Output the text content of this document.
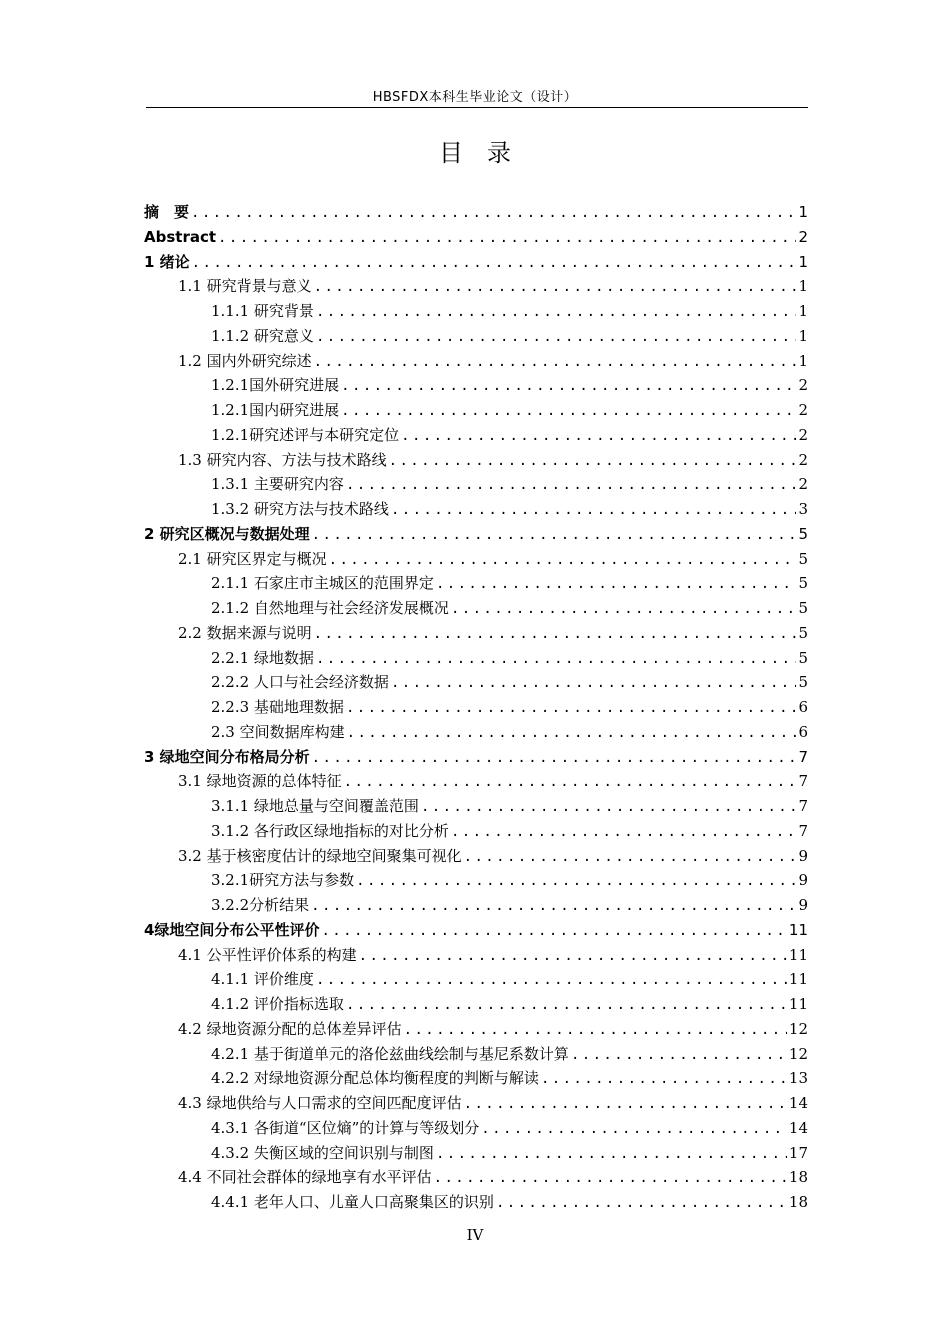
HBSFDX本科生毕业论文（设计）
目录
摘　要 .....	1
Abstract .....	2
1 绪论 .....	1
1.1 研究背景与意义 .....	1
1.1.1 研究背景 .....	1
1.1.2 研究意义 .....	1
1.2 国内外研究综述 .....	1
1.2.1国外研究进展 .....	2
1.2.1国内研究进展 .....	2
1.2.1研究述评与本研究定位 .....	2
1.3 研究内容、方法与技术路线 .....	2
1.3.1 主要研究内容 .....	2
1.3.2 研究方法与技术路线 .....	3
2 研究区概况与数据处理 .....	5
2.1 研究区界定与概况 .....	5
2.1.1 石家庄市主城区的范围界定 .....	5
2.1.2 自然地理与社会经济发展概况 .....	5
2.2 数据来源与说明 .....	5
2.2.1 绿地数据 .....	5
2.2.2 人口与社会经济数据 .....	5
2.2.3 基础地理数据 .....	6
2.3 空间数据库构建 .....	6
3 绿地空间分布格局分析 .....	7
3.1 绿地资源的总体特征 .....	7
3.1.1 绿地总量与空间覆盖范围 .....	7
3.1.2 各行政区绿地指标的对比分析 .....	7
3.2 基于核密度估计的绿地空间聚集可视化 .....	9
3.2.1研究方法与参数 .....	9
3.2.2分析结果 .....	9
4绿地空间分布公平性评价 .....	11
4.1 公平性评价体系的构建 .....	11
4.1.1 评价维度 .....	11
4.1.2 评价指标选取 .....	11
4.2 绿地资源分配的总体差异评估 .....	12
4.2.1 基于街道单元的洛伦兹曲线绘制与基尼系数计算 .....	12
4.2.2 对绿地资源分配总体均衡程度的判断与解读 .....	13
4.3 绿地供给与人口需求的空间匹配度评估 .....	14
4.3.1 各街道“区位熵”的计算与等级划分 .....	14
4.3.2 失衡区域的空间识别与制图 .....	17
4.4 不同社会群体的绿地享有水平评估 .....	18
4.4.1 老年人口、儿童人口高聚集区的识别 .....	18
IV
